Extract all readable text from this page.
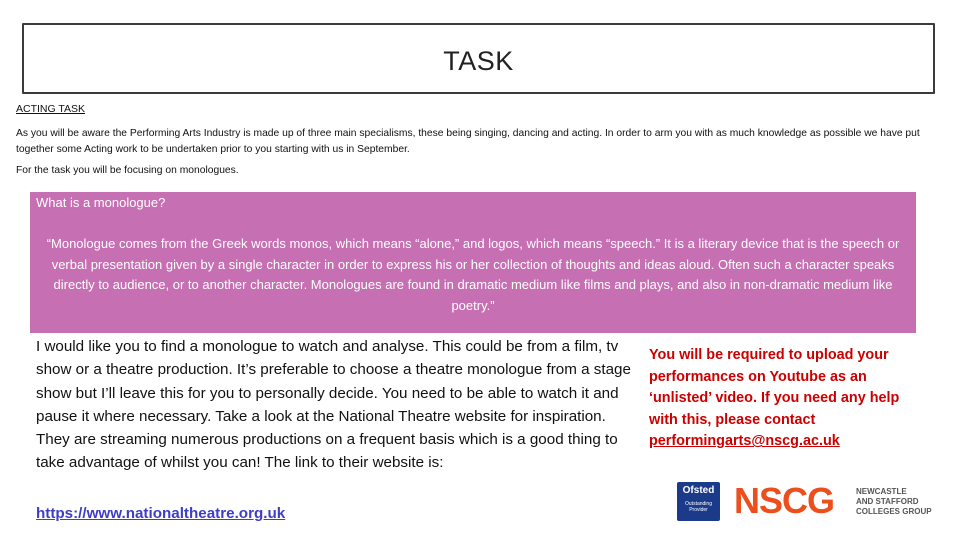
TASK
ACTING TASK
As you will be aware the Performing Arts Industry is made up of three main specialisms, these being singing, dancing and acting. In order to arm you with as much knowledge as possible we have put together some Acting work to be undertaken prior to you starting with us in September.
For the task you will be focusing on monologues.
What is a monologue?
“Monologue comes from the Greek words monos, which means “alone,” and logos, which means “speech.” It is a literary device that is the speech or verbal presentation given by a single character in order to express his or her collection of thoughts and ideas aloud. Often such a character speaks directly to audience, or to another character. Monologues are found in dramatic medium like films and plays, and also in non-dramatic medium like poetry.”
I would like you to find a monologue to watch and analyse. This could be from a film, tv show or a theatre production. It’s preferable to choose a theatre monologue from a stage show but I’ll leave this for you to personally decide. You need to be able to watch it and pause it where necessary. Take a look at the National Theatre website for inspiration. They are streaming numerous productions on a frequent basis which is a good thing to take advantage of whilst you can! The link to their website is:
https://www.nationaltheatre.org.uk
You will be required to upload your performances on Youtube as an ‘unlisted’ video. If you need any help with this, please contact performingarts@nscg.ac.uk
Ofsted
Outstanding
Provider NSCG	NEWCASTLE
AND STAFFORD
COLLEGES GROUP
